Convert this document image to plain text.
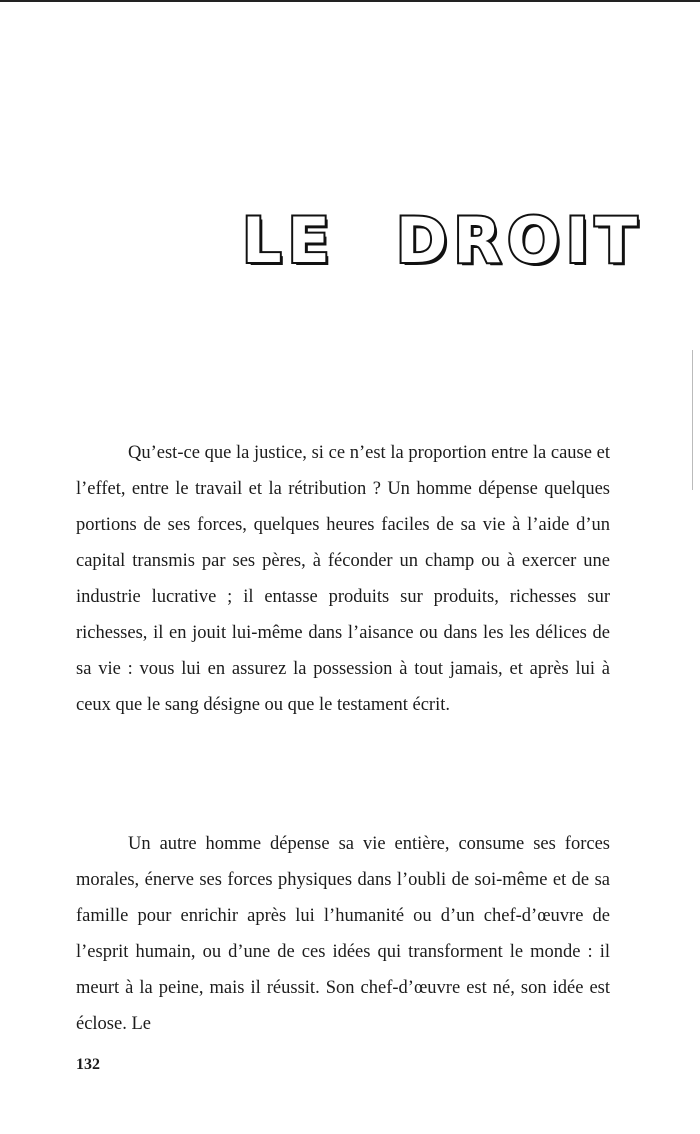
LE DROIT

Qu’est-ce que la justice, si ce n’est la proportion entre la cause et l’effet, entre le travail et la rétribution ? Un homme dépense quelques portions de ses forces, quelques heures faciles de sa vie à l’aide d’un capital transmis par ses pères, à féconder un champ ou à exercer une industrie lucrative ; il entasse produits sur produits, richesses sur richesses, il en jouit lui-même dans l’aisance ou dans les les délices de sa vie : vous lui en assurez la possession à tout jamais, et après lui à ceux que le sang désigne ou que le testament écrit.

Un autre homme dépense sa vie entière, consume ses forces morales, énerve ses forces physiques dans l’oubli de soi-même et de sa famille pour enrichir après lui l’humanité ou d’un chef-d’œuvre de l’esprit humain, ou d’une de ces idées qui transforment le monde : il meurt à la peine, mais il réussit. Son chef-d’œuvre est né, son idée est éclose. Le

132
